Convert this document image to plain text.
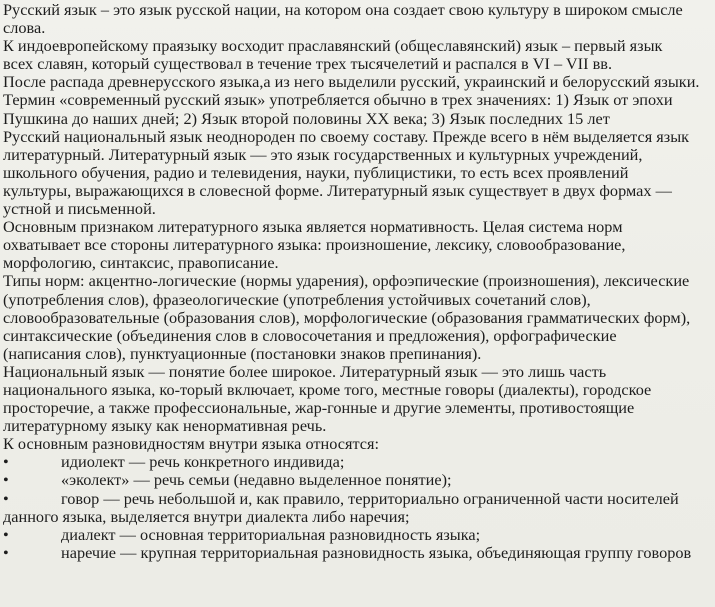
Русский язык – это язык русской нации, на котором она создает свою культуру в широком смысле
слова.
К индоевропейскому праязыку восходит праславянский (общеславянский) язык – первый язык
всех славян, который существовал в течение трех тысячелетий и распался в VI – VII вв.
После распада древнерусского языка,а из него выделили русский, украинский и белорусский языки.
Термин «современный русский язык» употребляется обычно в трех значениях: 1) Язык от эпохи
Пушкина до наших дней; 2) Язык второй половины XX века; 3) Язык последних 15 лет
Русский национальный язык неоднороден по своему составу. Прежде всего в нём выделяется язык
литературный. Литературный язык — это язык государственных и культурных учреждений,
школьного обучения, радио и телевидения, науки, публицистики, то есть всех проявлений
культуры, выражающихся в словесной форме. Литературный язык существует в двух формах —
устной и письменной.
Основным признаком литературного языка является нормативность. Целая система норм
охватывает все стороны литературного языка: произношение, лексику, словообразование,
морфологию, синтаксис, правописание.
Типы норм: акцентно-логические (нормы ударения), орфоэпические (произношения), лексические
(употребления слов), фразеологические (употребления устойчивых сочетаний слов),
словообразовательные (образования слов), морфологические (образования грамматических форм),
синтаксические (объединения слов в словосочетания и предложения), орфографические
(написания слов), пунктуационные (постановки знаков препинания).
Национальный язык — понятие более широкое. Литературный язык — это лишь часть
национального языка, ко-торый включает, кроме того, местные говоры (диалекты), городское
просторечие, а также профессиональные, жар-гонные и другие элементы, противостоящие
литературному языку как ненормативная речь.
К основным разновидностям внутри языка относятся:
•	идиолект — речь конкретного индивида;
•	«эколект» — речь семьи (недавно выделенное понятие);
•	говор — речь небольшой и, как правило, территориально ограниченной части носителей
данного языка, выделяется внутри диалекта либо наречия;
•	диалект — основная территориальная разновидность языка;
•	наречие — крупная территориальная разновидность языка, объединяющая группу говоров
